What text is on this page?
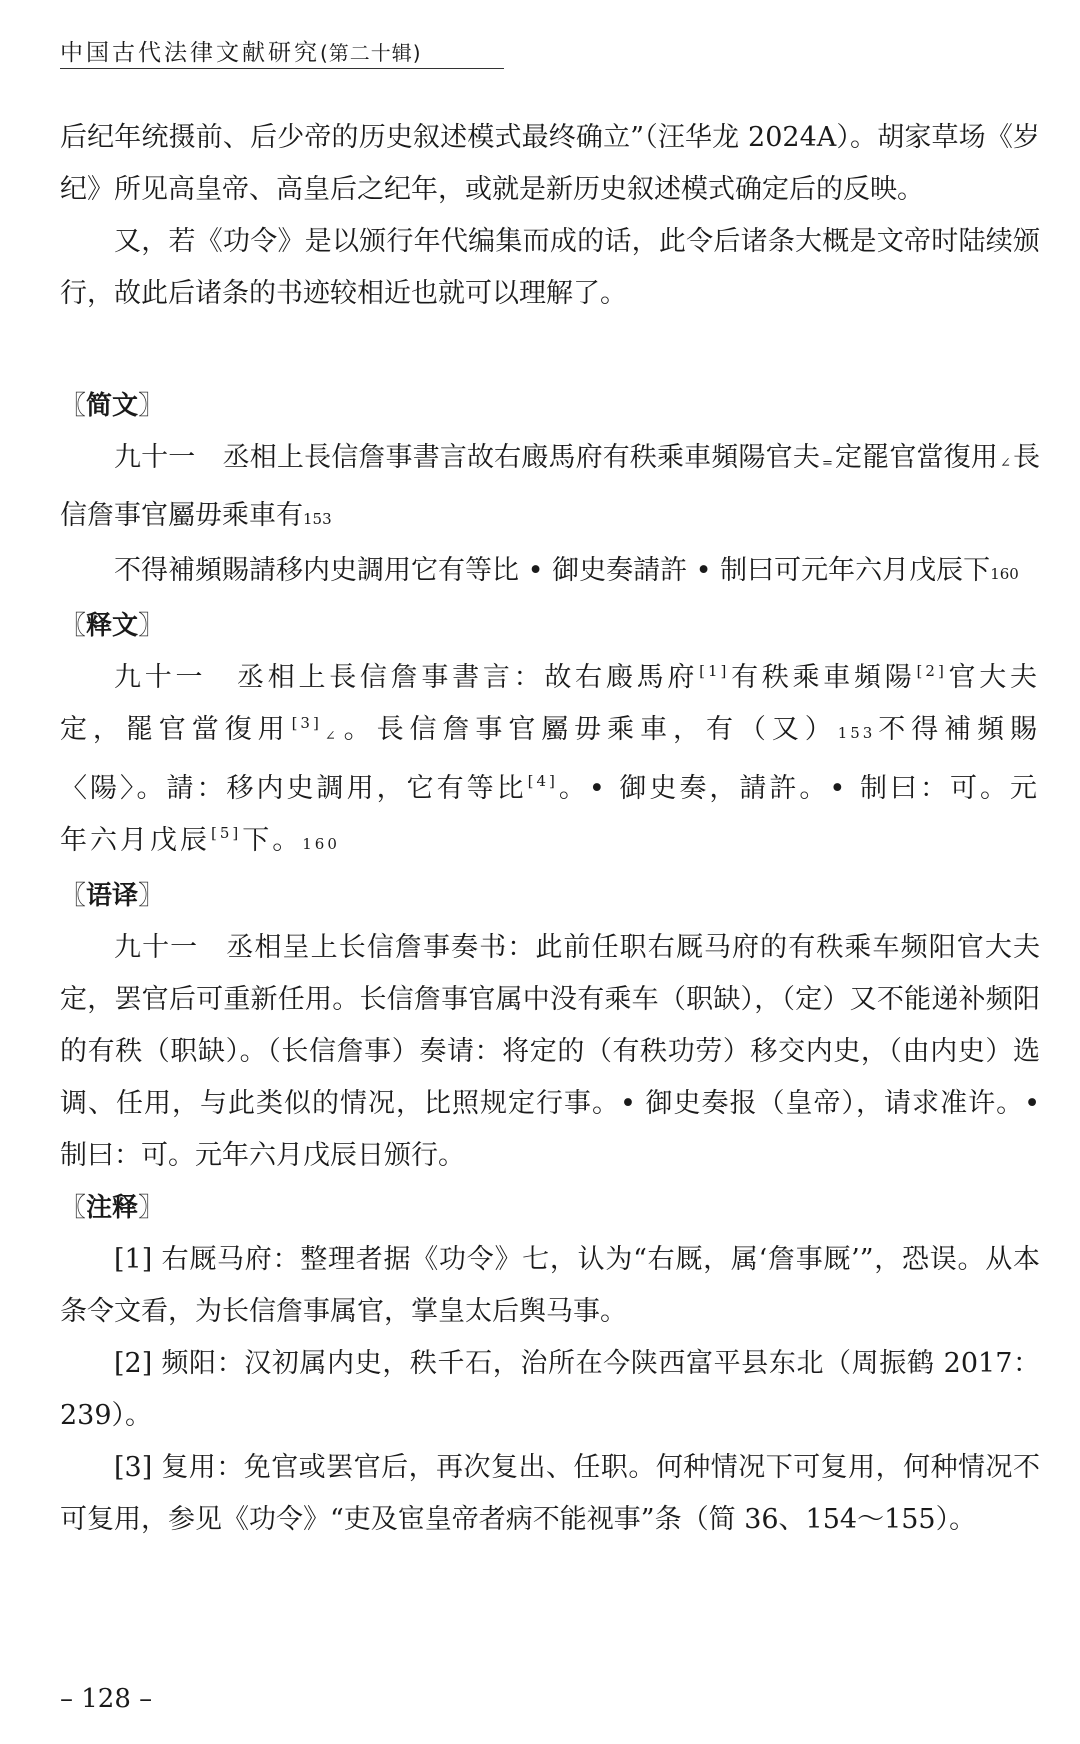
中国古代法律文献研究(第二十辑)

后纪年统摄前、后少帝的历史叙述模式最终确立”（汪华龙 2024A）。胡家草场《岁纪》所见高皇帝、高皇后之纪年，或就是新历史叙述模式确定后的反映。

又，若《功令》是以颁行年代编集而成的话，此令后诸条大概是文帝时陆续颁行，故此后诸条的书迹较相近也就可以理解了。

〖简文〗

九十一　丞相上長信詹事書言故右廄馬府有秩乘車頻陽官夫 =定罷官當復用 ∠長信詹事官屬毋乘車有153

不得補頻賜請移内史調用它有等比 • 御史奏請許 • 制曰可元年六月戊辰下160

〖释文〗

九十一　丞相上長信詹事書言：故右廄馬府[1]有秩乘車頻陽[2]官大夫定，罷官當復用[3]∠。長信詹事官屬毋乘車，有（又）153不得補頻賜〈陽〉。請：移内史調用，它有等比[4]。• 御史奏，請許。• 制曰：可。元年六月戊辰[5]下。160

〖语译〗

九十一　丞相呈上长信詹事奏书：此前任职右厩马府的有秩乘车频阳官大夫定，罢官后可重新任用。长信詹事官属中没有乘车（职缺），（定）又不能递补频阳的有秩（职缺）。（长信詹事）奏请：将定的（有秩功劳）移交内史，（由内史）选调、任用，与此类似的情况，比照规定行事。• 御史奏报（皇帝），请求准许。• 制曰：可。元年六月戊辰日颁行。

〖注释〗

[1] 右厩马府：整理者据《功令》七，认为“右厩，属‘詹事厩’”，恐误。从本条令文看，为长信詹事属官，掌皇太后舆马事。

[2] 频阳：汉初属内史，秩千石，治所在今陕西富平县东北（周振鹤 2017：239）。

[3] 复用：免官或罢官后，再次复出、任职。何种情况下可复用，何种情况不可复用，参见《功令》“吏及宦皇帝者病不能视事”条（简 36、154～155）。

– 128 –
